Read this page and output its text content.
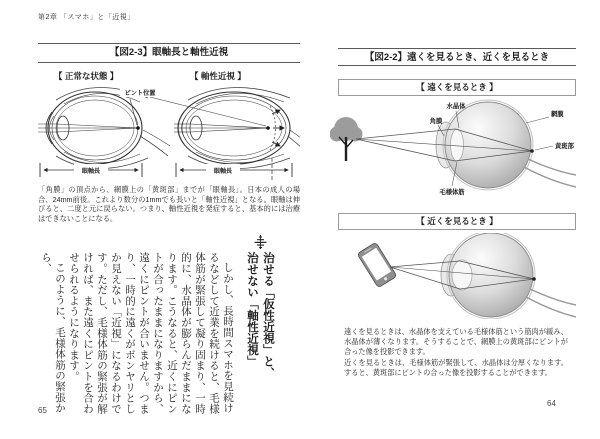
第2章 「スマホ」と「近視」
【図2-3】眼軸長と軸性近視
【 正常な状態 】	【 軸性近視 】
眼軸長	眼軸長
ピント位置
「角膜」の頂点から、網膜上の「黄斑部」までが「眼軸長」。日本の成人の場合、24mm前後。これより数分の1mmでも長いと「軸性近視」となる。眼軸は伸びると、二度と元に戻らない。つまり、軸性近視を発症すると、基本的には治療はできないことになる。
治せる「仮性近視」と、
治せない「軸性近視」

しかし、長時間スマホを見続けるなどして近業を続けると、毛様体筋が緊張して凝り固まり、一時的に、水晶体が膨らんだままになります。こうなると、近くにピントが合ったままになりますから、遠くにピントが合いません。つまり、一時的に遠くがボンヤリとしか見えない「近視」になるわけです。ただし、毛様体筋の緊張が解ければ、また遠くにピントを合わせられるようになります。

このように、毛様体筋の緊張から、

【図2-2】遠くを見るとき、近くを見るとき
【 遠くを見るとき 】
水晶体
角膜
網膜
黄斑部
毛様体筋
【 近くを見るとき 】

遠くを見るときは、水晶体を支えている毛様体筋という筋肉が緩み、水晶体が薄くなります。そうすることで、網膜上の黄斑部にピントが合った像を投影できます。

近くを見るときは、毛様体筋が緊張して、水晶体は分厚くなります。すると、黄斑部にピントの合った像を投影することができます。

65
64
